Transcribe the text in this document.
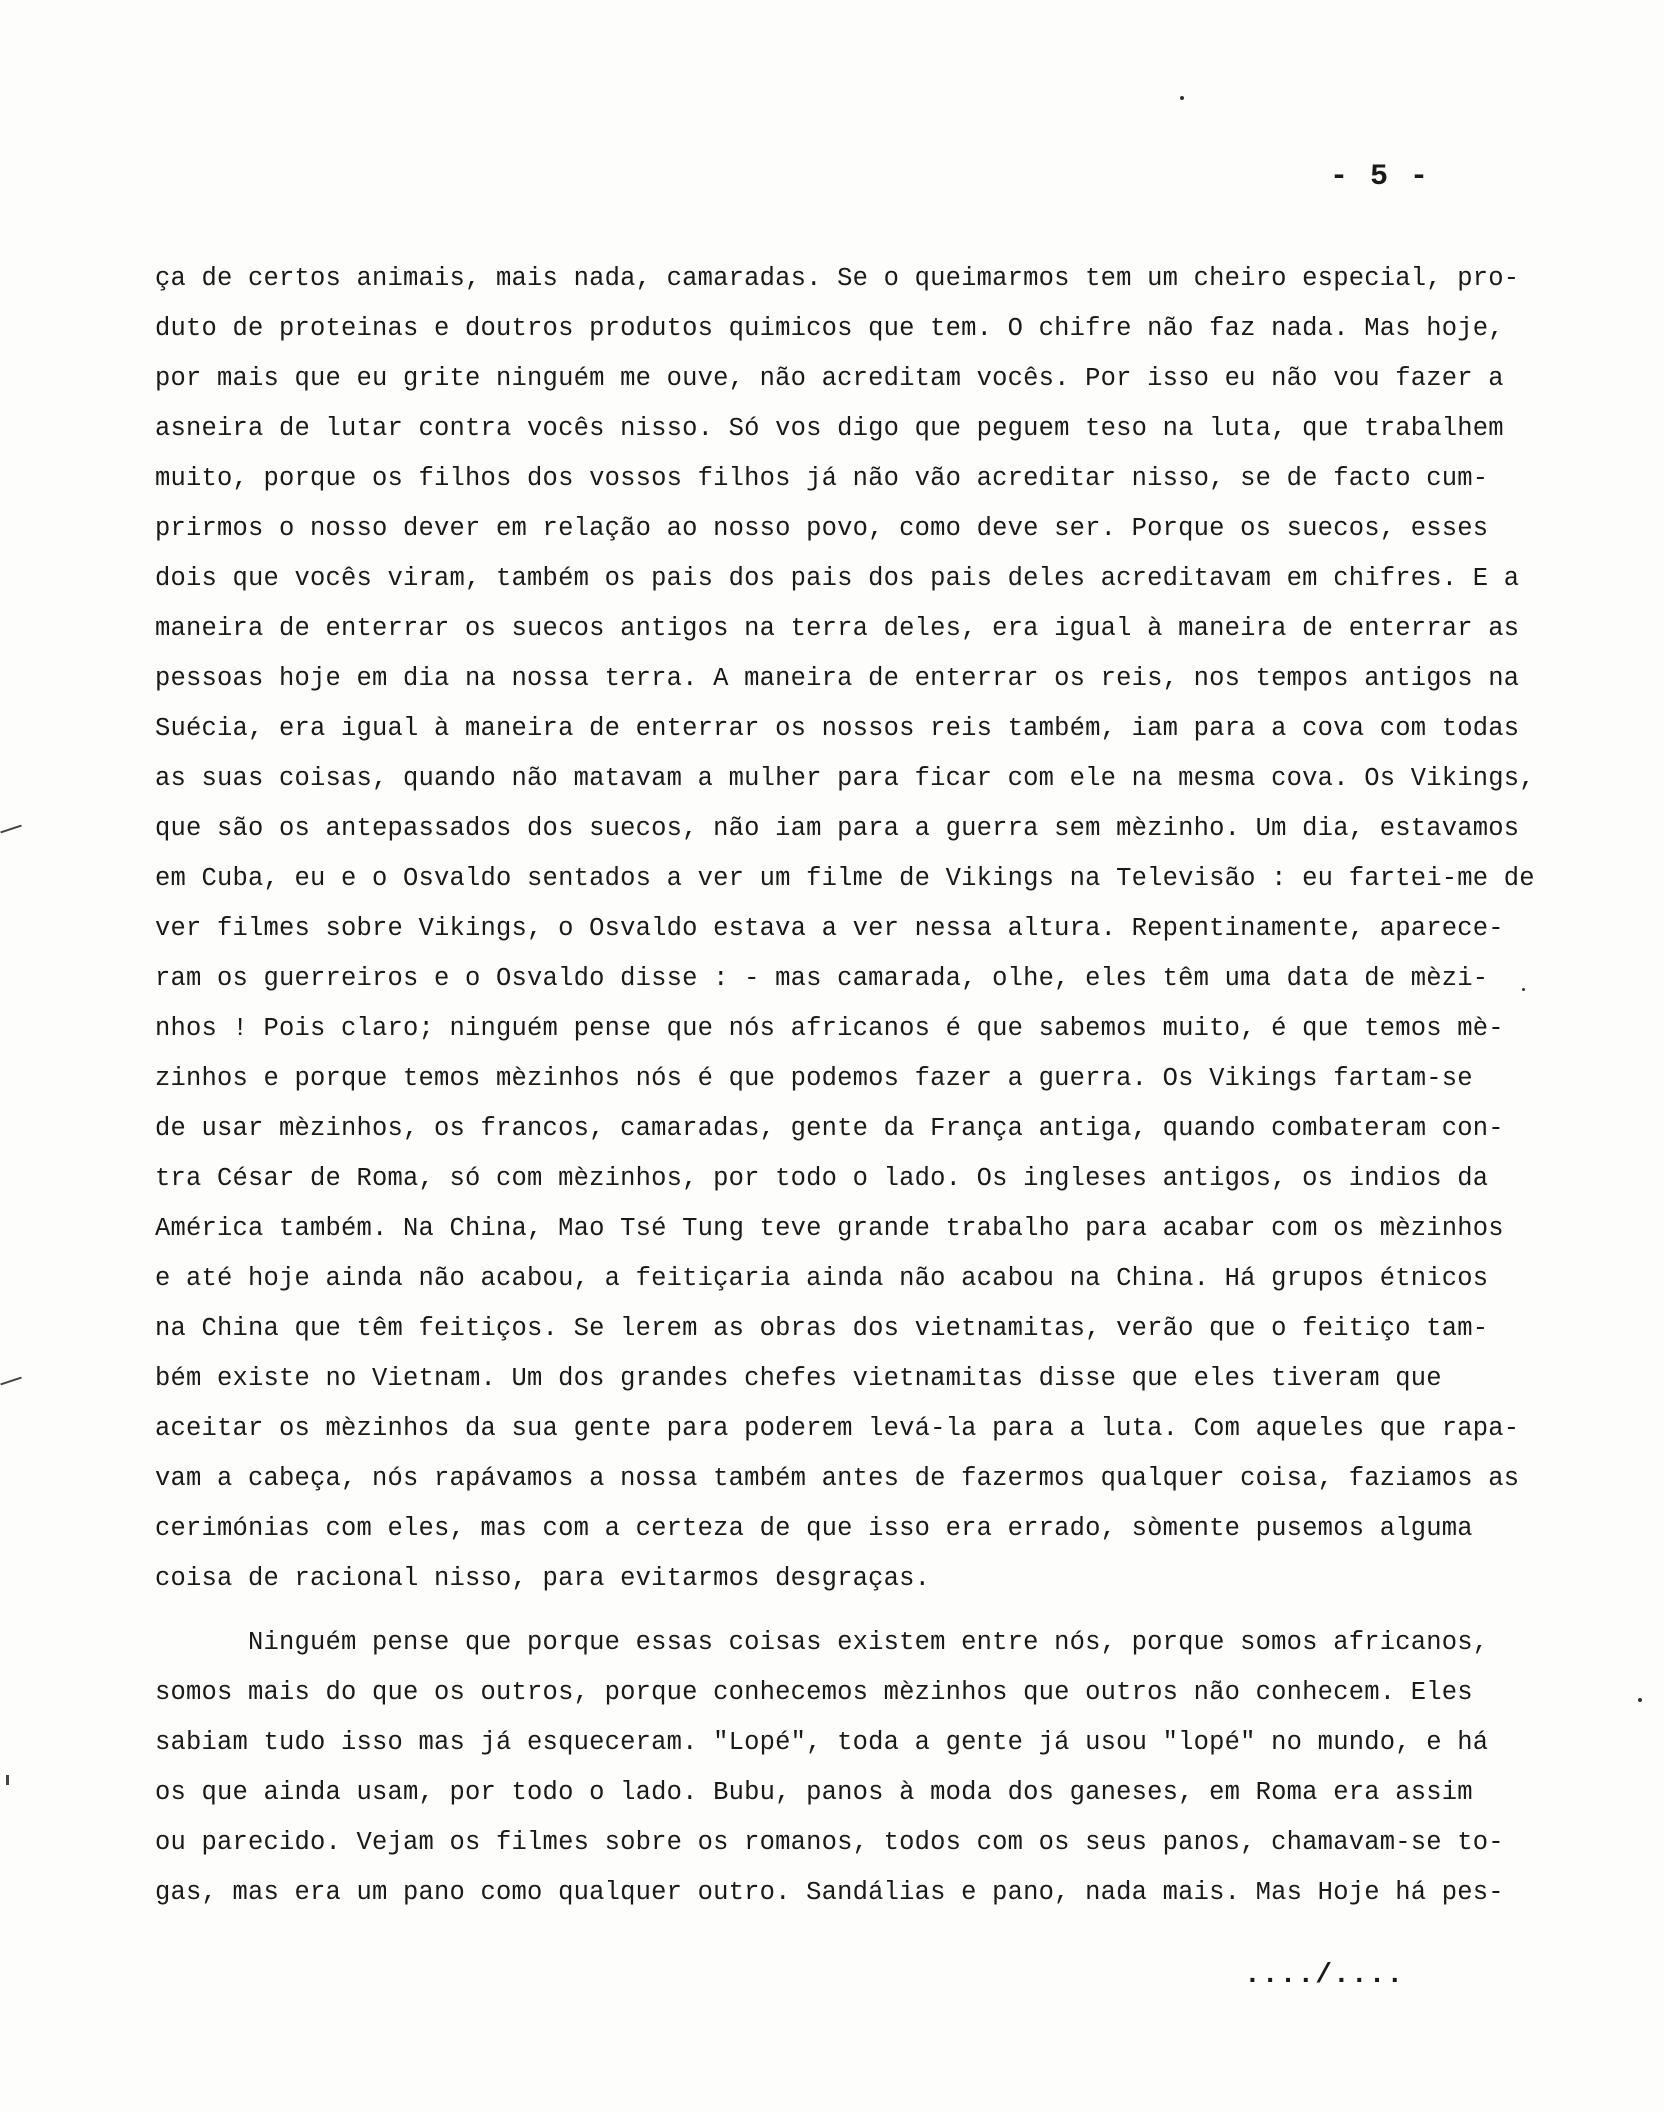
- 5 -
ça de certos animais, mais nada, camaradas. Se o queimarmos tem um cheiro especial, pro-
duto de proteinas e doutros produtos quimicos que tem. O chifre não faz nada. Mas hoje,
por mais que eu grite ninguém me ouve, não acreditam vocês. Por isso eu não vou fazer a
asneira de lutar contra vocês nisso. Só vos digo que peguem teso na luta, que trabalhem
muito, porque os filhos dos vossos filhos já não vão acreditar nisso, se de facto cum-
prirmos o nosso dever em relação ao nosso povo, como deve ser. Porque os suecos, esses
dois que vocês viram, também os pais dos pais dos pais deles acreditavam em chifres. E a
maneira de enterrar os suecos antigos na terra deles, era igual à maneira de enterrar as
pessoas hoje em dia na nossa terra. A maneira de enterrar os reis, nos tempos antigos na
Suécia, era igual à maneira de enterrar os nossos reis também, iam para a cova com todas
as suas coisas, quando não matavam a mulher para ficar com ele na mesma cova. Os Vikings,
que são os antepassados dos suecos, não iam para a guerra sem mèzinho. Um dia, estavamos
em Cuba, eu e o Osvaldo sentados a ver um filme de Vikings na Televisão : eu fartei-me de
ver filmes sobre Vikings, o Osvaldo estava a ver nessa altura. Repentinamente, aparece-
ram os guerreiros e o Osvaldo disse : - mas camarada, olhe, eles têm uma data de mèzi-
nhos ! Pois claro; ninguém pense que nós africanos é que sabemos muito, é que temos mè-
zinhos e porque temos mèzinhos nós é que podemos fazer a guerra. Os Vikings fartam-se
de usar mèzinhos, os francos, camaradas, gente da França antiga, quando combateram con-
tra César de Roma, só com mèzinhos, por todo o lado. Os ingleses antigos, os indios da
América também. Na China, Mao Tsé Tung teve grande trabalho para acabar com os mèzinhos
e até hoje ainda não acabou, a feitiçaria ainda não acabou na China. Há grupos étnicos
na China que têm feitiços. Se lerem as obras dos vietnamitas, verão que o feitiço tam-
bém existe no Vietnam. Um dos grandes chefes vietnamitas disse que eles tiveram que
aceitar os mèzinhos da sua gente para poderem levá-la para a luta. Com aqueles que rapa-
vam a cabeça, nós rapávamos a nossa também antes de fazermos qualquer coisa, faziamos as
cerimónias com eles, mas com a certeza de que isso era errado, sòmente pusemos alguma
coisa de racional nisso, para evitarmos desgraças.
Ninguém pense que porque essas coisas existem entre nós, porque somos africanos,
somos mais do que os outros, porque conhecemos mèzinhos que outros não conhecem. Eles
sabiam tudo isso mas já esqueceram. "Lopé", toda a gente já usou "lopé" no mundo, e há
os que ainda usam, por todo o lado. Bubu, panos à moda dos ganeses, em Roma era assim
ou parecido. Vejam os filmes sobre os romanos, todos com os seus panos, chamavam-se to-
gas, mas era um pano como qualquer outro. Sandálias e pano, nada mais. Mas Hoje há pes-
..../....
